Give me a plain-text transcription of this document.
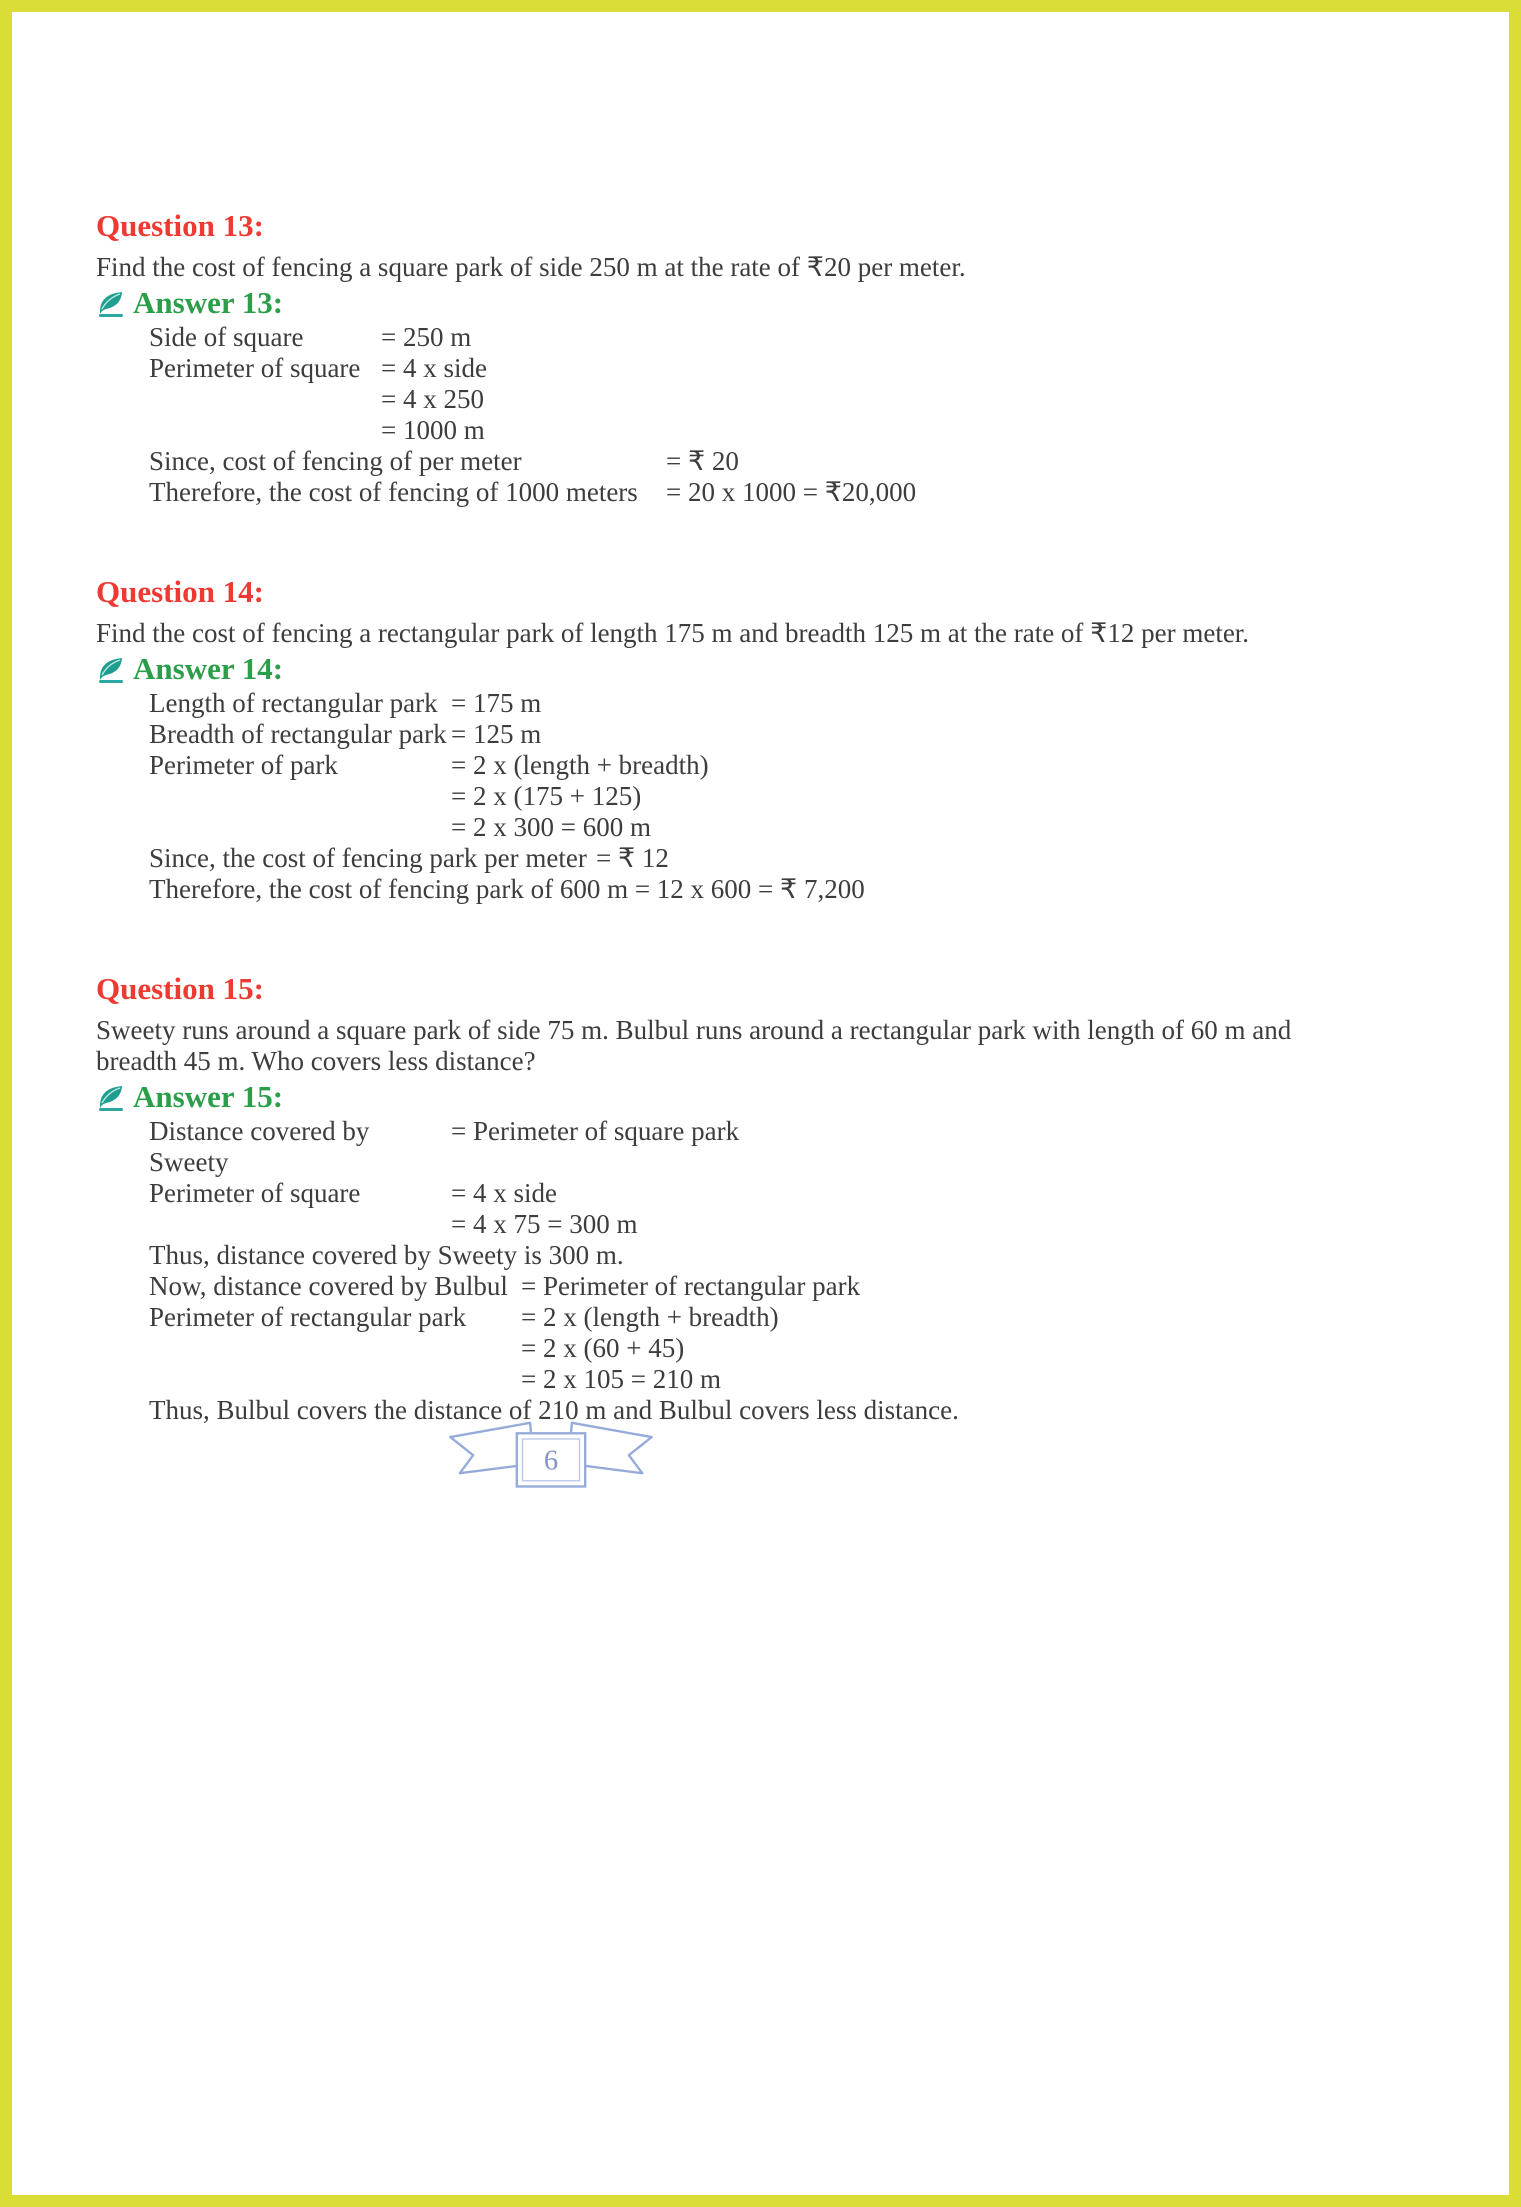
Question 13:

Find the cost of fencing a square park of side 250 m at the rate of ₹20 per meter.

Answer 13:
Side of square	= 250 m
Perimeter of square = 4 x side
= 4 x 250
= 1000 m
Since, cost of fencing of per meter	= ₹ 20
Therefore, the cost of fencing of 1000 meters	= 20 x 1000 = ₹20,000
Question 14:

Find the cost of fencing a rectangular park of length 175 m and breadth 125 m at the rate of ₹12 per meter.

Answer 14:
Length of rectangular park = 175 m
Breadth of rectangular park = 125 m
Perimeter of park	= 2 x (length + breadth)
= 2 x (175 + 125)
= 2 x 300 = 600 m
Since, the cost of fencing park per meter = ₹ 12
Therefore, the cost of fencing park of 600 m = 12 x 600 = ₹ 7,200
Question 15:

Sweety runs around a square park of side 75 m. Bulbul runs around a rectangular park with length of 60 m and breadth 45 m. Who covers less distance?

Answer 15:
Distance covered by Sweety
= Perimeter of square park
Perimeter of square	= 4 x side
= 4 x 75 = 300 m
Thus, distance covered by Sweety is 300 m.
Now, distance covered by Bulbul = Perimeter of rectangular park
Perimeter of rectangular park	= 2 x (length + breadth)
= 2 x (60 + 45)
= 2 x 105 = 210 m
Thus, Bulbul covers the distance of 210 m and Bulbul covers less distance.
6
